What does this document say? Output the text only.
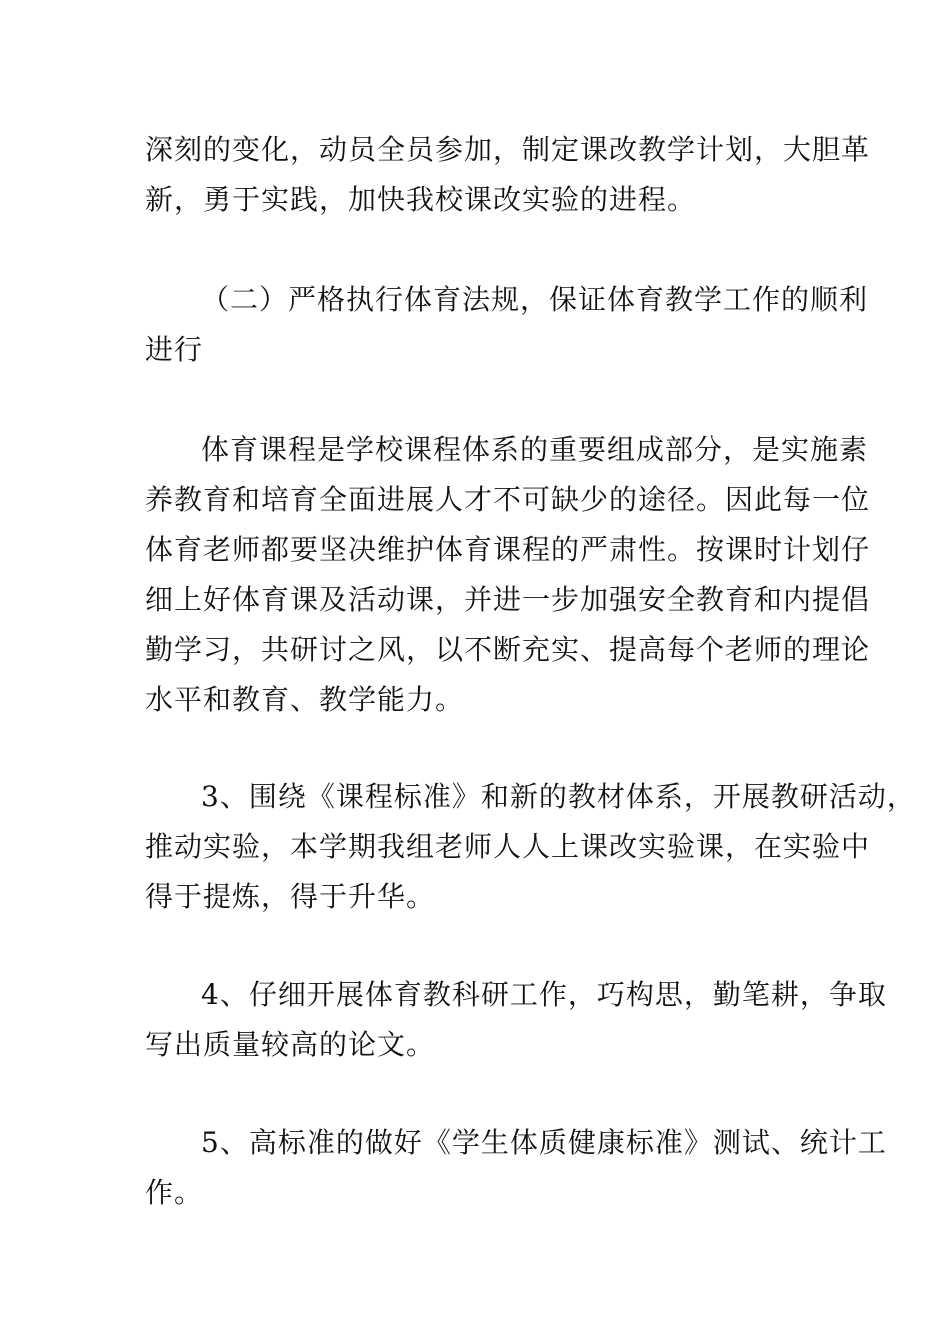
深刻的变化，动员全员参加，制定课改教学计划，大胆革
新，勇于实践，加快我校课改实验的进程。

（二）严格执行体育法规，保证体育教学工作的顺利
进行

体育课程是学校课程体系的重要组成部分，是实施素
养教育和培育全面进展人才不可缺少的途径。因此每一位
体育老师都要坚决维护体育课程的严肃性。按课时计划仔
细上好体育课及活动课，并进一步加强安全教育和内提倡
勤学习，共研讨之风，以不断充实、提高每个老师的理论
水平和教育、教学能力。

3、围绕《课程标准》和新的教材体系，开展教研活动，
推动实验，本学期我组老师人人上课改实验课，在实验中
得于提炼，得于升华。

4、仔细开展体育教科研工作，巧构思，勤笔耕，争取
写出质量较高的论文。

5、高标准的做好《学生体质健康标准》测试、统计工
作。
